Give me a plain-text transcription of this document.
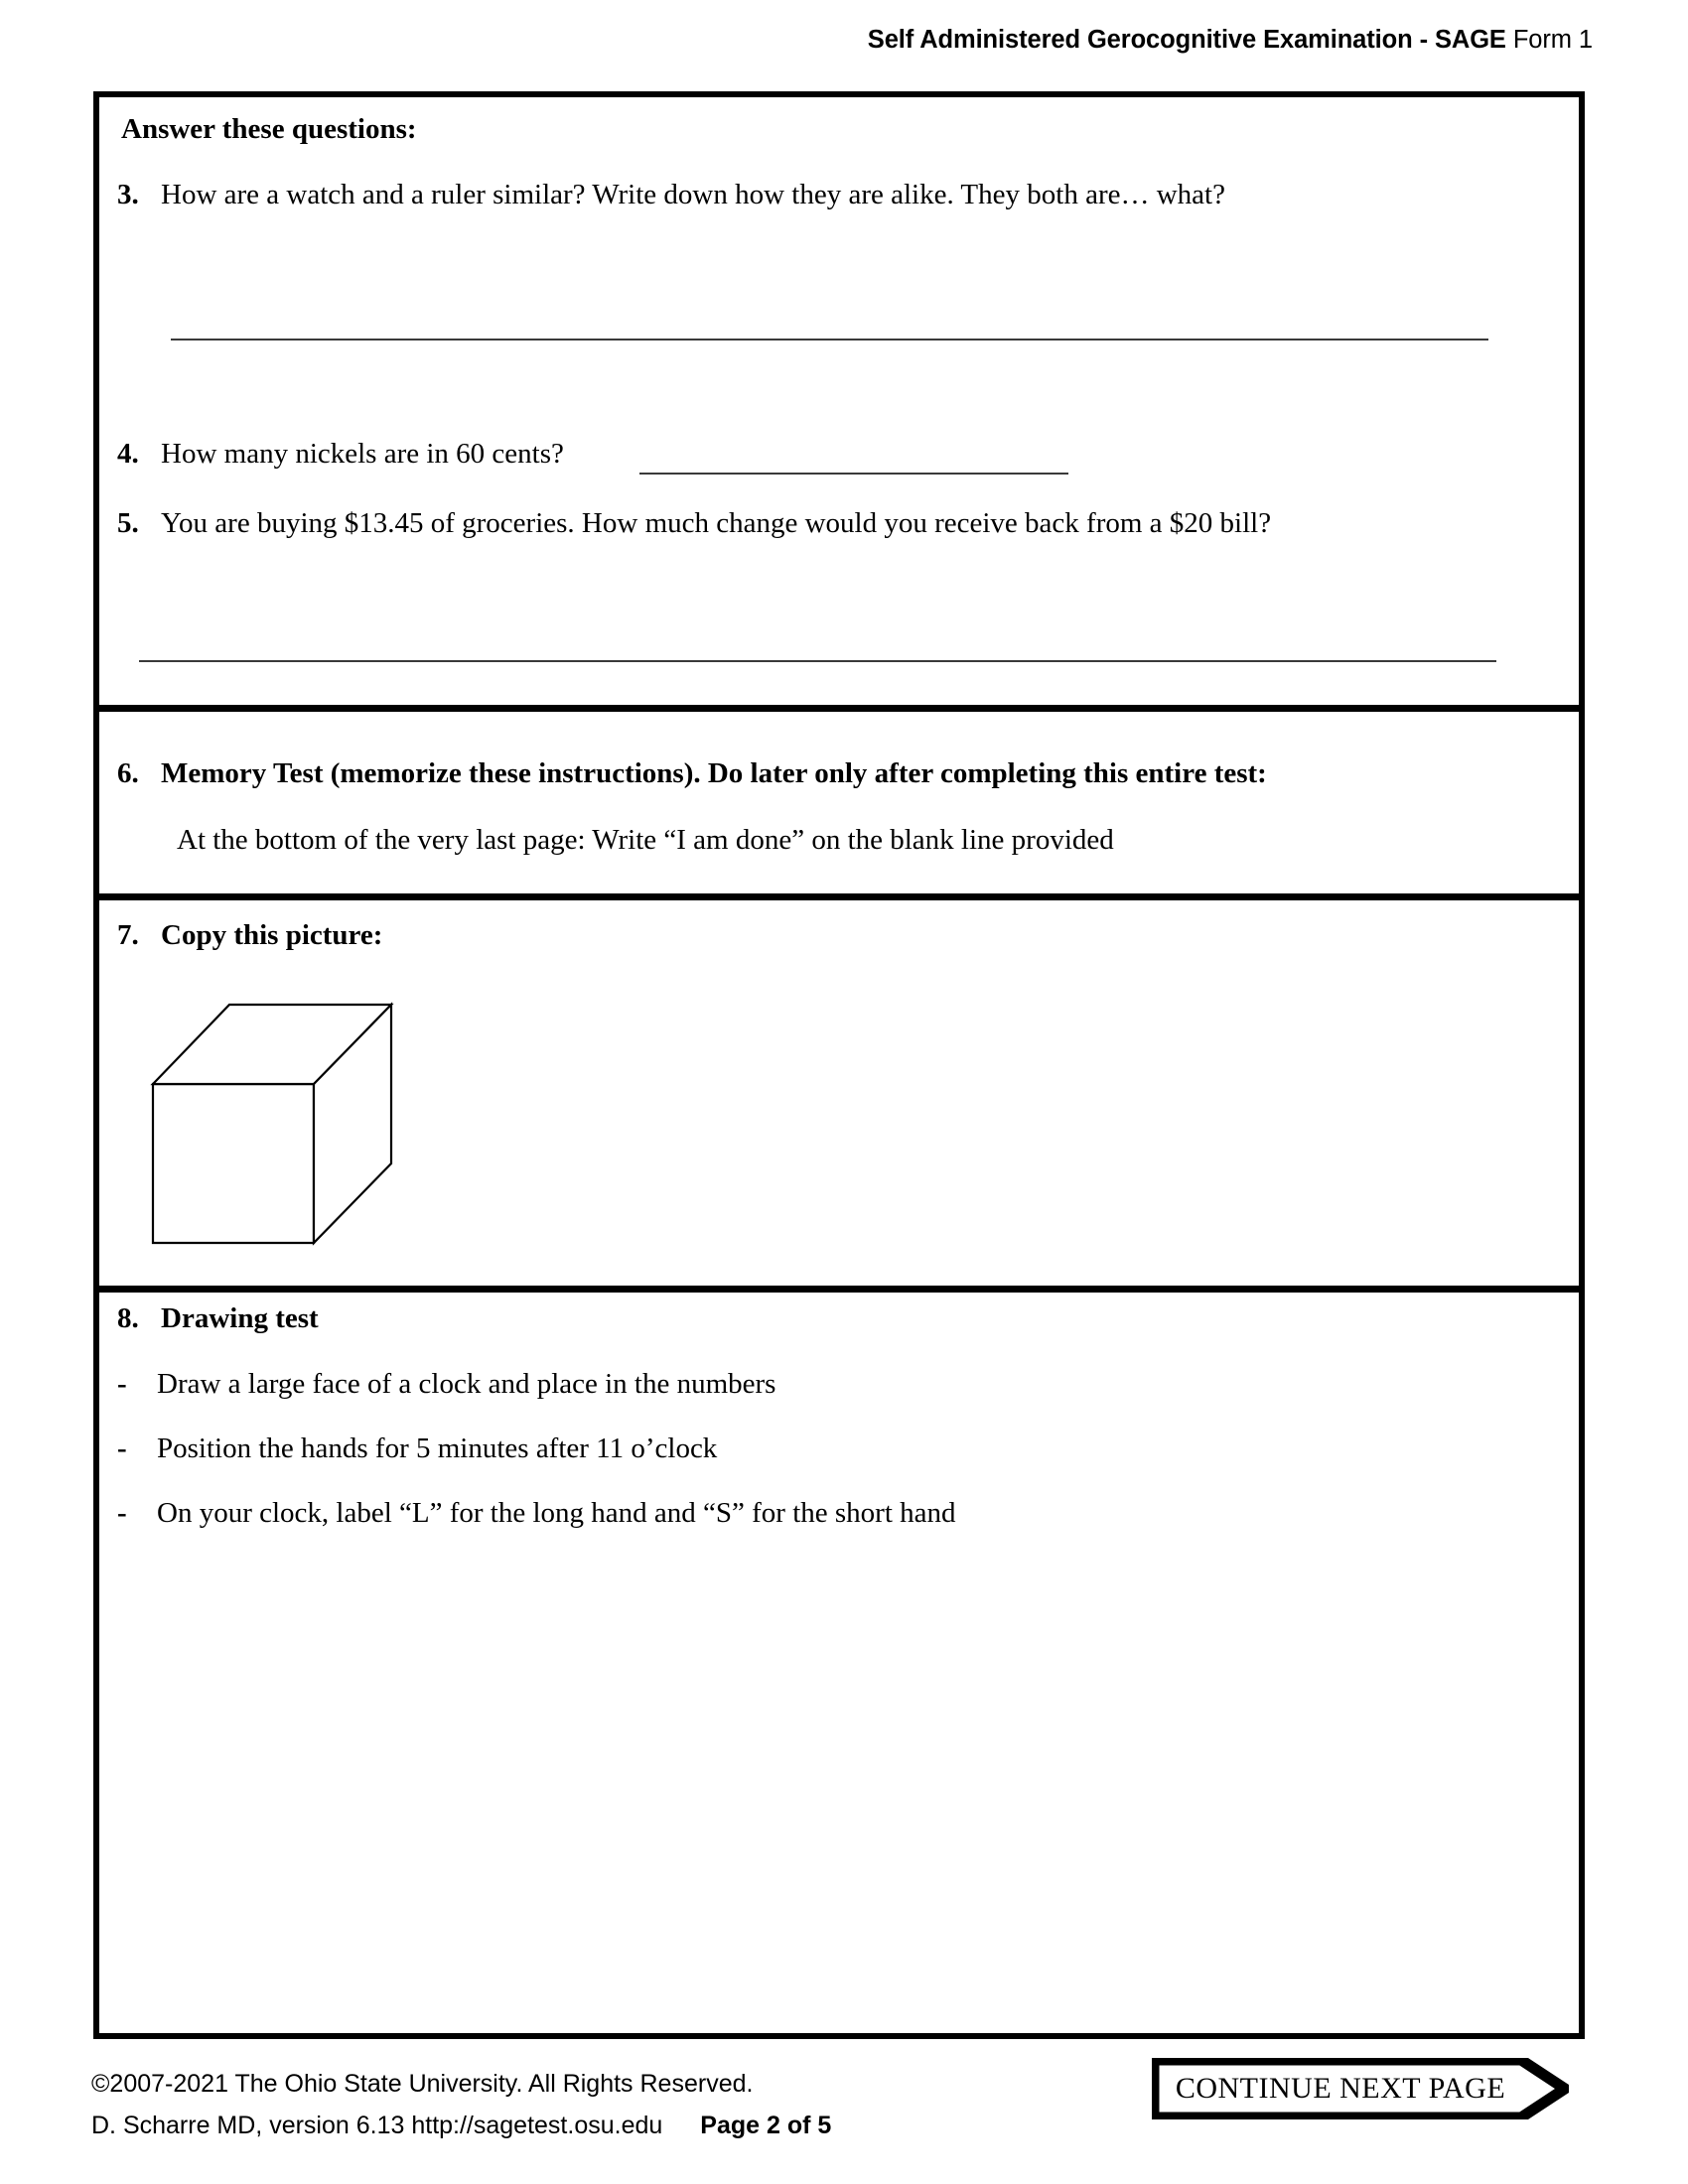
Self Administered Gerocognitive Examination - SAGE Form 1
Answer these questions:
3. How are a watch and a ruler similar? Write down how they are alike. They both are… what?
4. How many nickels are in 60 cents?
5. You are buying $13.45 of groceries. How much change would you receive back from a $20 bill?
6. Memory Test (memorize these instructions). Do later only after completing this entire test:
At the bottom of the very last page: Write “I am done” on the blank line provided
7. Copy this picture:
8. Drawing test
- Draw a large face of a clock and place in the numbers
- Position the hands for 5 minutes after 11 o’clock
- On your clock, label “L” for the long hand and “S” for the short hand
©2007-2021 The Ohio State University. All Rights Reserved.
D. Scharre MD, version 6.13 http://sagetest.osu.edu Page 2 of 5
CONTINUE NEXT PAGE
